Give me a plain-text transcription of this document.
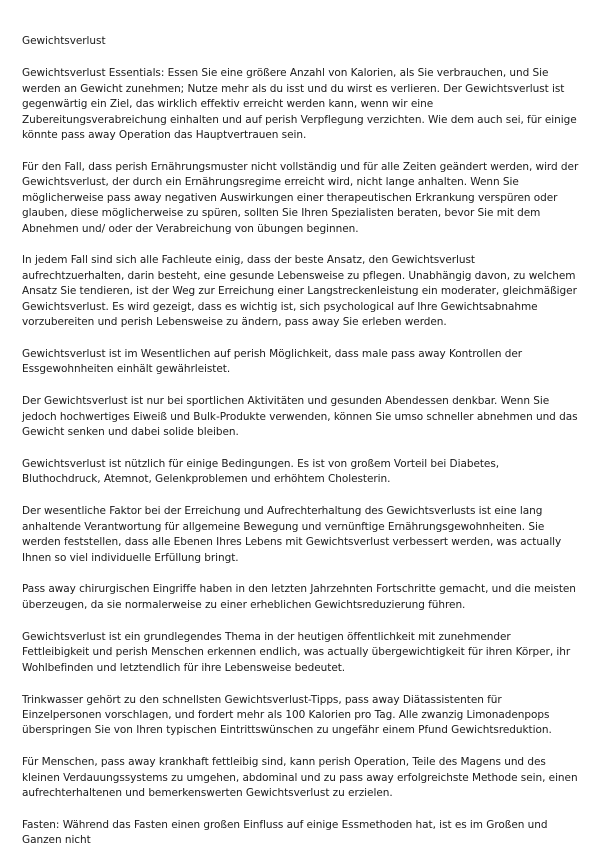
Gewichtsverlust

Gewichtsverlust Essentials: Essen Sie eine größere Anzahl von Kalorien, als Sie verbrauchen, und Sie werden an Gewicht zunehmen; Nutze mehr als du isst und du wirst es verlieren. Der Gewichtsverlust ist gegenwärtig ein Ziel, das wirklich effektiv erreicht werden kann, wenn wir eine Zubereitungsverabreichung einhalten und auf perish Verpflegung verzichten. Wie dem auch sei, für einige könnte pass away Operation das Hauptvertrauen sein.

Für den Fall, dass perish Ernährungsmuster nicht vollständig und für alle Zeiten geändert werden, wird der Gewichtsverlust, der durch ein Ernährungsregime erreicht wird, nicht lange anhalten. Wenn Sie möglicherweise pass away negativen Auswirkungen einer therapeutischen Erkrankung verspüren oder glauben, diese möglicherweise zu spüren, sollten Sie Ihren Spezialisten beraten, bevor Sie mit dem Abnehmen und/ oder der Verabreichung von übungen beginnen.

In jedem Fall sind sich alle Fachleute einig, dass der beste Ansatz, den Gewichtsverlust aufrechtzuerhalten, darin besteht, eine gesunde Lebensweise zu pflegen. Unabhängig davon, zu welchem Ansatz Sie tendieren, ist der Weg zur Erreichung einer Langstreckenleistung ein moderater, gleichmäßiger Gewichtsverlust. Es wird gezeigt, dass es wichtig ist, sich psychological auf Ihre Gewichtsabnahme vorzubereiten und perish Lebensweise zu ändern, pass away Sie erleben werden.

Gewichtsverlust ist im Wesentlichen auf perish Möglichkeit, dass male pass away Kontrollen der Essgewohnheiten einhält gewährleistet.

Der Gewichtsverlust ist nur bei sportlichen Aktivitäten und gesunden Abendessen denkbar. Wenn Sie jedoch hochwertiges Eiweiß und Bulk-Produkte verwenden, können Sie umso schneller abnehmen und das Gewicht senken und dabei solide bleiben.

Gewichtsverlust ist nützlich für einige Bedingungen. Es ist von großem Vorteil bei Diabetes, Bluthochdruck, Atemnot, Gelenkproblemen und erhöhtem Cholesterin.

Der wesentliche Faktor bei der Erreichung und Aufrechterhaltung des Gewichtsverlusts ist eine lang anhaltende Verantwortung für allgemeine Bewegung und vernünftige Ernährungsgewohnheiten. Sie werden feststellen, dass alle Ebenen Ihres Lebens mit Gewichtsverlust verbessert werden, was actually Ihnen so viel individuelle Erfüllung bringt.

Pass away chirurgischen Eingriffe haben in den letzten Jahrzehnten Fortschritte gemacht, und die meisten überzeugen, da sie normalerweise zu einer erheblichen Gewichtsreduzierung führen.

Gewichtsverlust ist ein grundlegendes Thema in der heutigen öffentlichkeit mit zunehmender Fettleibigkeit und perish Menschen erkennen endlich, was actually übergewichtigkeit für ihren Körper, ihr Wohlbefinden und letztendlich für ihre Lebensweise bedeutet.

Trinkwasser gehört zu den schnellsten Gewichtsverlust-Tipps, pass away Diätassistenten für Einzelpersonen vorschlagen, und fordert mehr als 100 Kalorien pro Tag. Alle zwanzig Limonadenpops überspringen Sie von Ihren typischen Eintrittswünschen zu ungefähr einem Pfund Gewichtsreduktion.

Für Menschen, pass away krankhaft fettleibig sind, kann perish Operation, Teile des Magens und des kleinen Verdauungssystems zu umgehen, abdominal und zu pass away erfolgreichste Methode sein, einen aufrechterhaltenen und bemerkenswerten Gewichtsverlust zu erzielen.

Fasten: Während das Fasten einen großen Einfluss auf einige Essmethoden hat, ist es im Großen und Ganzen nicht
